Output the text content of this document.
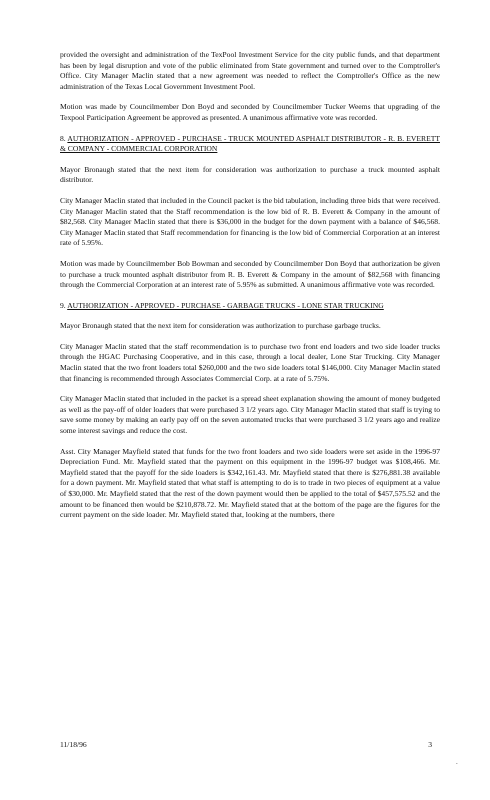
provided the oversight and administration of the TexPool Investment Service for the city public funds, and that department has been by legal disruption and vote of the public eliminated from State government and turned over to the Comptroller's Office. City Manager Maclin stated that a new agreement was needed to reflect the Comptroller's Office as the new administration of the Texas Local Government Investment Pool.

Motion was made by Councilmember Don Boyd and seconded by Councilmember Tucker Weems that upgrading of the Texpool Participation Agreement be approved as presented. A unanimous affirmative vote was recorded.

8. AUTHORIZATION - APPROVED - PURCHASE - TRUCK MOUNTED ASPHALT DISTRIBUTOR - R. B. EVERETT & COMPANY - COMMERCIAL CORPORATION

Mayor Bronaugh stated that the next item for consideration was authorization to purchase a truck mounted asphalt distributor.

City Manager Maclin stated that included in the Council packet is the bid tabulation, including three bids that were received. City Manager Maclin stated that the Staff recommendation is the low bid of R. B. Everett & Company in the amount of $82,568. City Manager Maclin stated that there is $36,000 in the budget for the down payment with a balance of $46,568. City Manager Maclin stated that Staff recommendation for financing is the low bid of Commercial Corporation at an interest rate of 5.95%.

Motion was made by Councilmember Bob Bowman and seconded by Councilmember Don Boyd that authorization be given to purchase a truck mounted asphalt distributor from R. B. Everett & Company in the amount of $82,568 with financing through the Commercial Corporation at an interest rate of 5.95% as submitted. A unanimous affirmative vote was recorded.

9. AUTHORIZATION - APPROVED - PURCHASE - GARBAGE TRUCKS - LONE STAR TRUCKING

Mayor Bronaugh stated that the next item for consideration was authorization to purchase garbage trucks.

City Manager Maclin stated that the staff recommendation is to purchase two front end loaders and two side loader trucks through the HGAC Purchasing Cooperative, and in this case, through a local dealer, Lone Star Trucking. City Manager Maclin stated that the two front loaders total $260,000 and the two side loaders total $146,000. City Manager Maclin stated that financing is recommended through Associates Commercial Corp. at a rate of 5.75%.

City Manager Maclin stated that included in the packet is a spread sheet explanation showing the amount of money budgeted as well as the pay-off of older loaders that were purchased 3 1/2 years ago. City Manager Maclin stated that staff is trying to save some money by making an early pay off on the seven automated trucks that were purchased 3 1/2 years ago and realize some interest savings and reduce the cost.

Asst. City Manager Mayfield stated that funds for the two front loaders and two side loaders were set aside in the 1996-97 Depreciation Fund. Mr. Mayfield stated that the payment on this equipment in the 1996-97 budget was $108,466. Mr. Mayfield stated that the payoff for the side loaders is $342,161.43. Mr. Mayfield stated that there is $276,881.38 available for a down payment. Mr. Mayfield stated that what staff is attempting to do is to trade in two pieces of equipment at a value of $30,000. Mr. Mayfield stated that the rest of the down payment would then be applied to the total of $457,575.52 and the amount to be financed then would be $210,878.72. Mr. Mayfield stated that at the bottom of the page are the figures for the current payment on the side loader. Mr. Mayfield stated that, looking at the numbers, there

11/18/96	3
.
